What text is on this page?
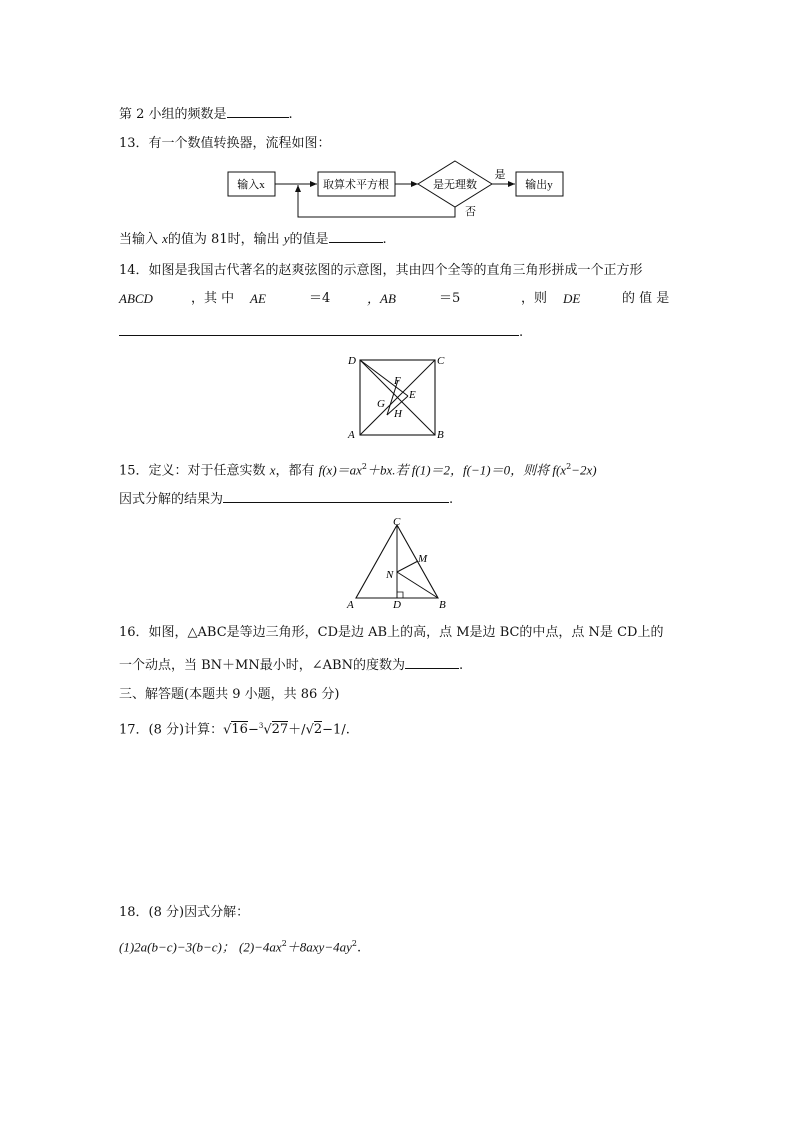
第 2 小组的频数是	.
13．有一个数值转换器，流程如图：
输入x	取算术平方根	是无理数
是
输出y
否
当输入 x的值为 81时，输出 y的值是	.
14．如图是我国古代著名的赵爽弦图的示意图，其由四个全等的直角三角形拼成一个正方形
ABCD	，其 中 AE	＝4	，AB	＝5	，则 DE	的 值 是
.
D	C
A	B
F
E
G
H
15．定义：对于任意实数 x，都有 $f(x)=ax^2+bx$.若 f(1)＝2，f(−1)＝0，则将 $f(x^2-2x)$
因式分解的结果为	.
C
M
N
A	D	B
16．如图，△ABC是等边三角形，CD是边 AB上的高，点 M是边 BC的中点，点 N是 CD上的
一个动点，当 BN＋MN最小时，∠ABN的度数为	.
三、解答题(本题共 9 小题，共 86 分)
17．(8 分)计算：√16−$^3$√27＋/√2−1/.
18．(8 分)因式分解：
(1)2a(b−c)−3(b−c)； $(2)-4ax^2+8axy-4ay^2$.
